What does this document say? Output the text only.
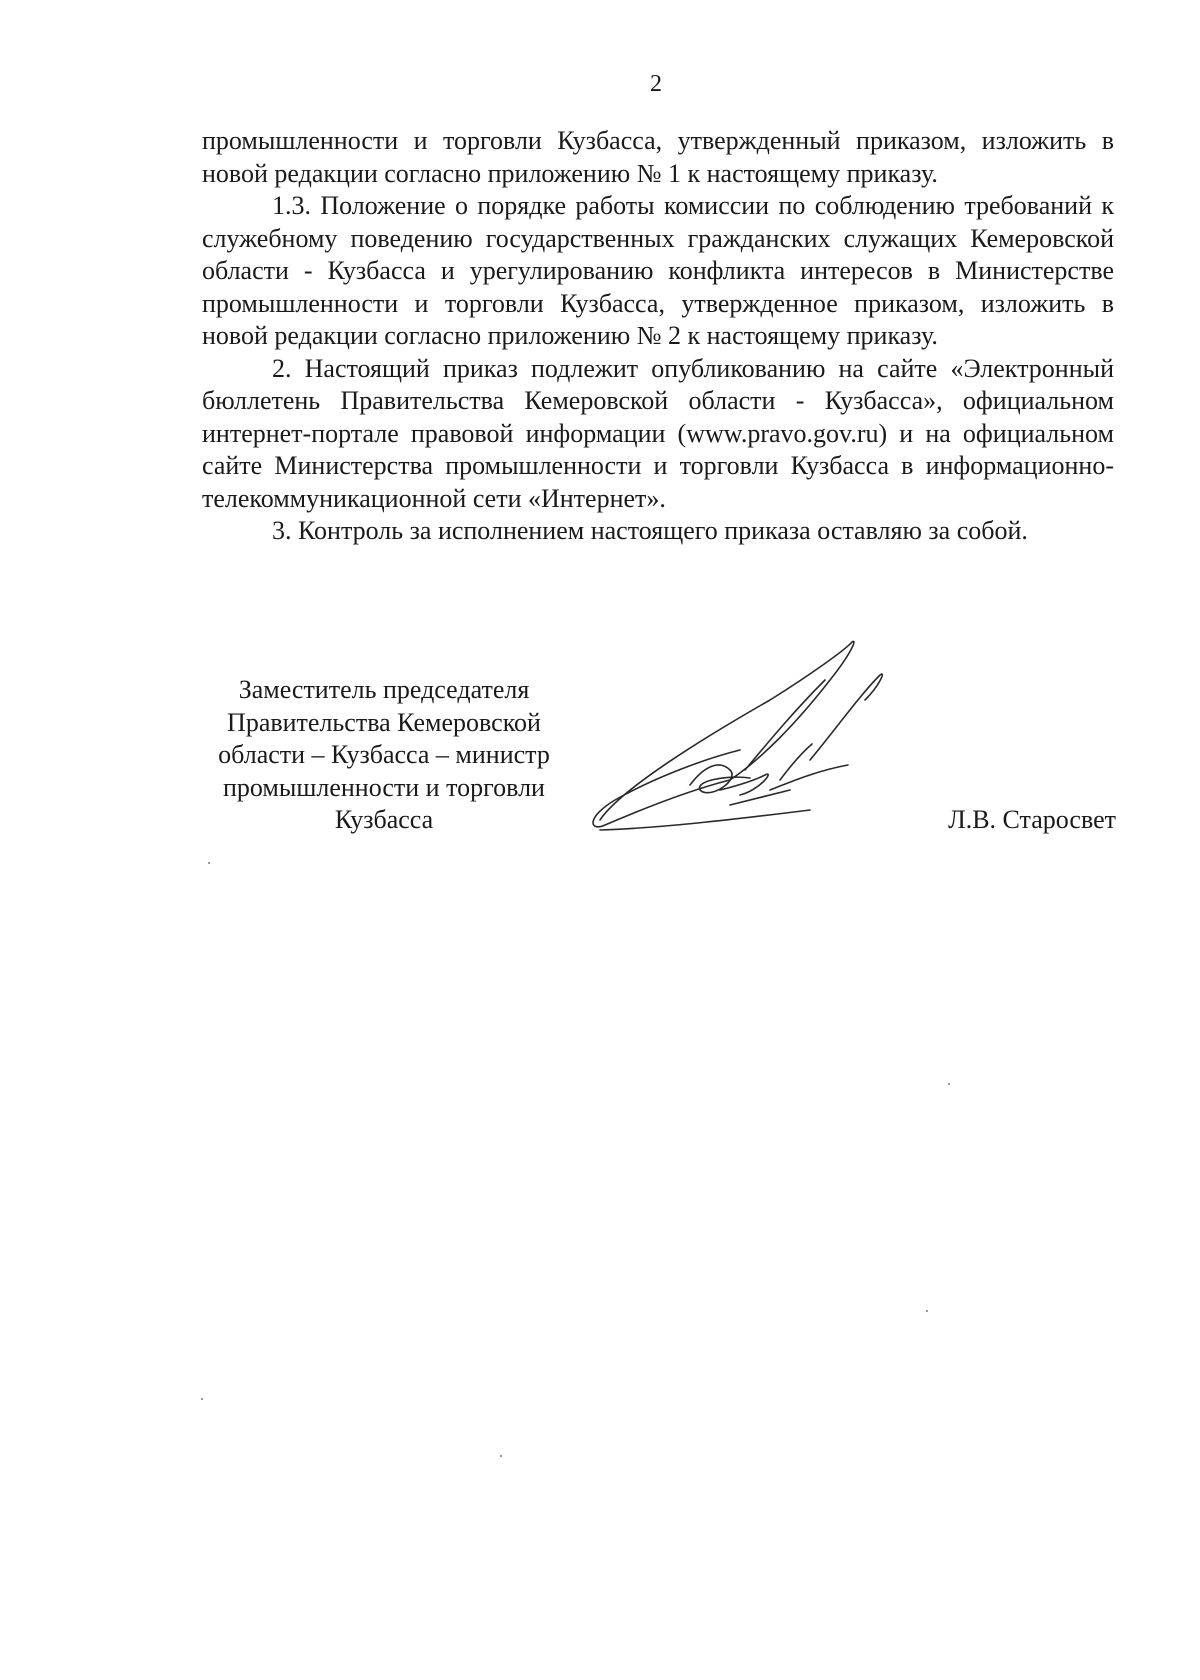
2

промышленности и торговли Кузбасса, утвержденный приказом, изложить в новой редакции согласно приложению № 1 к настоящему приказу.

1.3. Положение о порядке работы комиссии по соблюдению требований к служебному поведению государственных гражданских служащих Кемеровской области - Кузбасса и урегулированию конфликта интересов в Министерстве промышленности и торговли Кузбасса, утвержденное приказом, изложить в новой редакции согласно приложению № 2 к настоящему приказу.

2. Настоящий приказ подлежит опубликованию на сайте «Электронный бюллетень Правительства Кемеровской области - Кузбасса», официальном интернет-портале правовой информации (www.pravo.gov.ru) и на официальном сайте Министерства промышленности и торговли Кузбасса в информационно-телекоммуникационной сети «Интернет».

3. Контроль за исполнением настоящего приказа оставляю за собой.

Заместитель председателя
Правительства Кемеровской
области – Кузбасса – министр
промышленности и торговли
Кузбасса	Л.В. Старосвет
